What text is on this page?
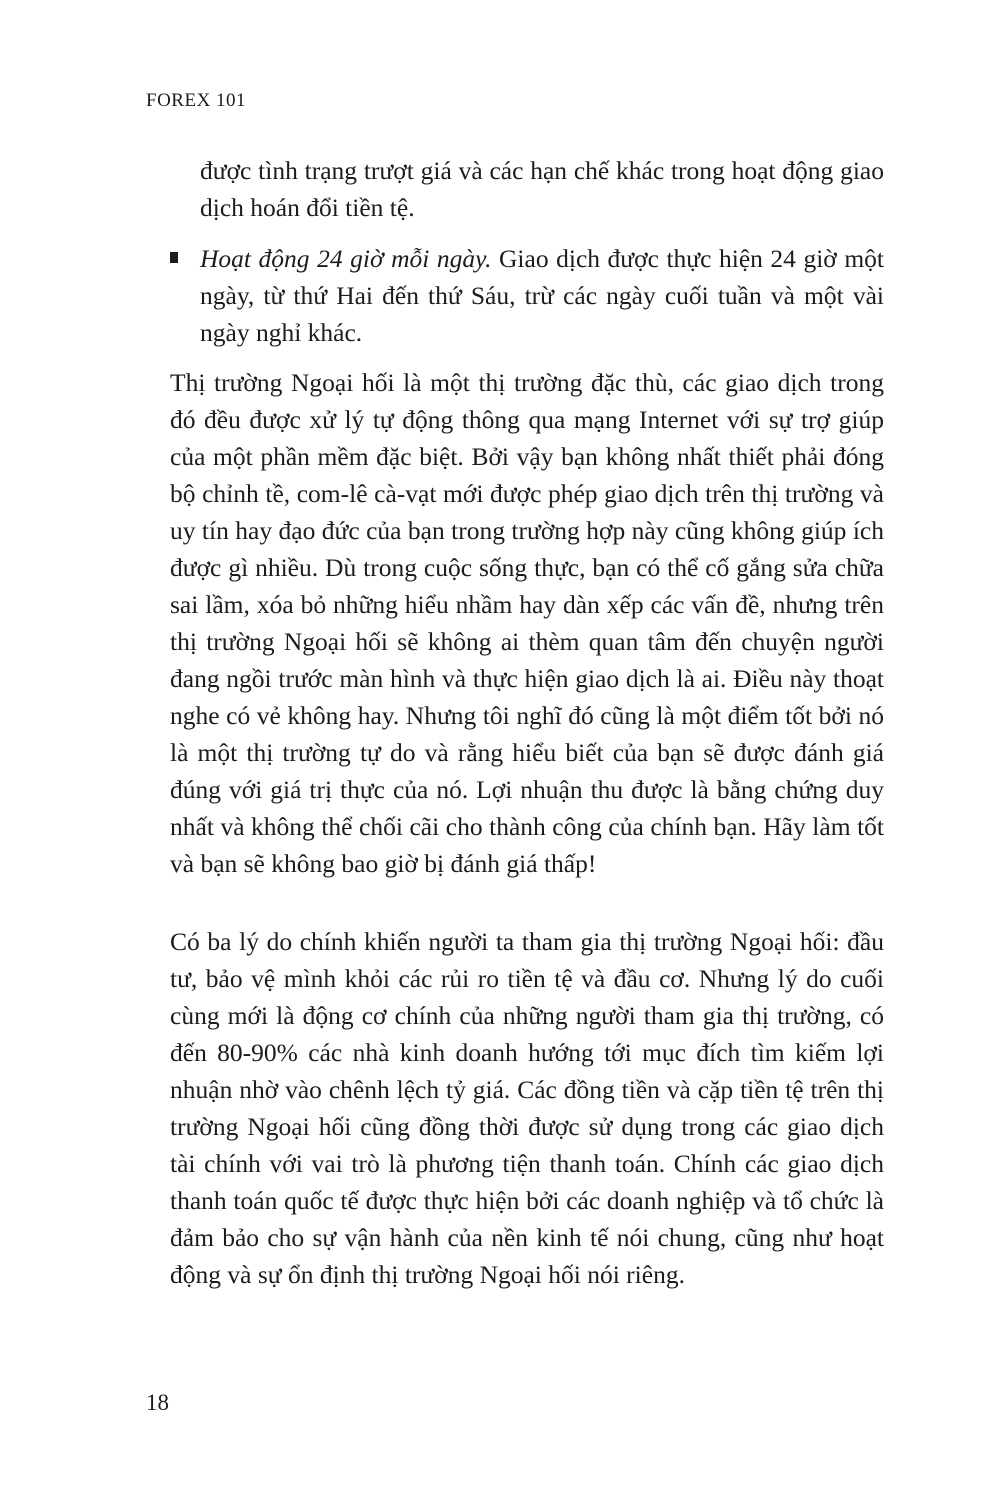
FOREX 101

được tình trạng trượt giá và các hạn chế khác trong hoạt động giao dịch hoán đổi tiền tệ.

Hoạt động 24 giờ mỗi ngày. Giao dịch được thực hiện 24 giờ một ngày, từ thứ Hai đến thứ Sáu, trừ các ngày cuối tuần và một vài ngày nghỉ khác.

Thị trường Ngoại hối là một thị trường đặc thù, các giao dịch trong đó đều được xử lý tự động thông qua mạng Internet với sự trợ giúp của một phần mềm đặc biệt. Bởi vậy bạn không nhất thiết phải đóng bộ chỉnh tề, com-lê cà-vạt mới được phép giao dịch trên thị trường và uy tín hay đạo đức của bạn trong trường hợp này cũng không giúp ích được gì nhiều. Dù trong cuộc sống thực, bạn có thể cố gắng sửa chữa sai lầm, xóa bỏ những hiểu nhầm hay dàn xếp các vấn đề, nhưng trên thị trường Ngoại hối sẽ không ai thèm quan tâm đến chuyện người đang ngồi trước màn hình và thực hiện giao dịch là ai. Điều này thoạt nghe có vẻ không hay. Nhưng tôi nghĩ đó cũng là một điểm tốt bởi nó là một thị trường tự do và rằng hiểu biết của bạn sẽ được đánh giá đúng với giá trị thực của nó. Lợi nhuận thu được là bằng chứng duy nhất và không thể chối cãi cho thành công của chính bạn. Hãy làm tốt và bạn sẽ không bao giờ bị đánh giá thấp!

Có ba lý do chính khiến người ta tham gia thị trường Ngoại hối: đầu tư, bảo vệ mình khỏi các rủi ro tiền tệ và đầu cơ. Nhưng lý do cuối cùng mới là động cơ chính của những người tham gia thị trường, có đến 80-90% các nhà kinh doanh hướng tới mục đích tìm kiếm lợi nhuận nhờ vào chênh lệch tỷ giá. Các đồng tiền và cặp tiền tệ trên thị trường Ngoại hối cũng đồng thời được sử dụng trong các giao dịch tài chính với vai trò là phương tiện thanh toán. Chính các giao dịch thanh toán quốc tế được thực hiện bởi các doanh nghiệp và tổ chức là đảm bảo cho sự vận hành của nền kinh tế nói chung, cũng như hoạt động và sự ổn định thị trường Ngoại hối nói riêng.

18
